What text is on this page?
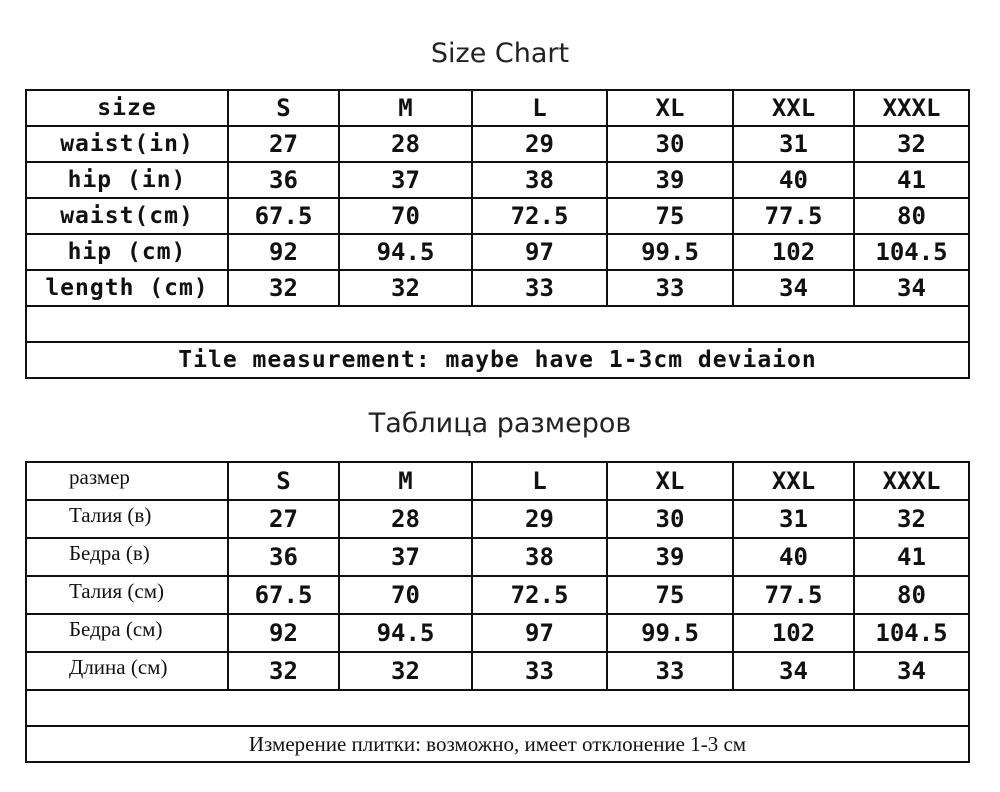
Size Chart
size	S	M	L	XL	XXL	XXXL
waist(in)	27	28	29	30	31	32
hip (in)	36	37	38	39	40	41
waist(cm)	67.5	70	72.5	75	77.5	80
hip (cm)	92	94.5	97	99.5	102	104.5
length (cm)	32	32	33	33	34	34

Tile measurement: maybe have 1-3cm deviaion						
Таблица размеров
размер	S	M	L	XL	XXL	XXXL
Талия (в)	27	28	29	30	31	32
Бедра (в)	36	37	38	39	40	41
Талия (см)	67.5	70	72.5	75	77.5	80
Бедра (см)	92	94.5	97	99.5	102	104.5
Длина (см)	32	32	33	33	34	34

Измерение плитки: возможно, имеет отклонение 1-3 см						
